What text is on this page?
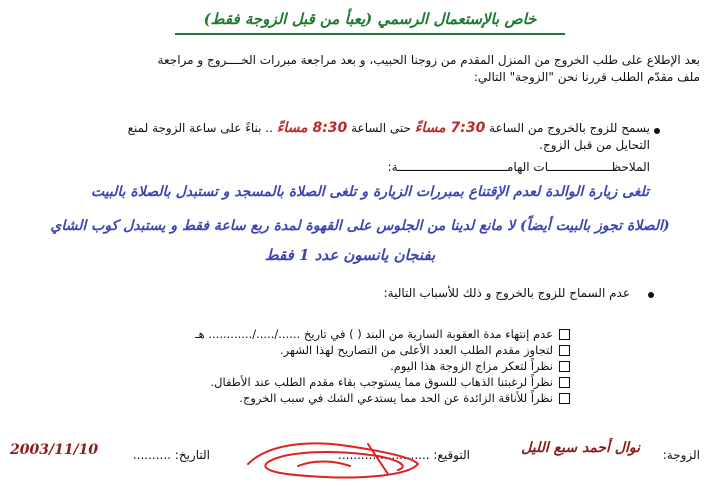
خاص بالإستعمال الرسمي (يعبأ من قبل الزوجة فقط)
بعد الإطلاع على طلب الخروج من المنزل المقدم من زوجنا الحبيب، و بعد مراجعة مبررات الخــــروج و مراجعة
ملف مقدّم الطلب قررنا نحن "الزوجة" التالي:
يسمح للزوج بالخروج من الساعة 7:30 مساءً حتى الساعة 8:30 مساءً .. بناءً على ساعة الزوجة لمنع
التحايل من قبل الزوج.
الملاحظــــــــــــــــــات الهامـــــــــــــــــــــــــــــــة:
تلغى زيارة الوالدة لعدم الإقتناع بمبررات الزيارة و تلغى الصلاة بالمسجد و تستبدل بالصلاة بالبيت
(الصلاة تجوز بالبيت أيضاً) لا مانع لدينا من الجلوس على القهوة لمدة ربع ساعة فقط و يستبدل كوب الشاي
بفنجان يانسون عدد 1 فقط
عدم السماح للزوج بالخروج و ذلك للأسباب التالية:
عدم إنتهاء مدة العقوبة السارية من البند ( ) في تاريخ ....../...../............ هـ
لتجاوز مقدم الطلب العدد الأعلى من التصاريح لهذا الشهر.
نظراً لتعكر مزاج الزوجة هذا اليوم.
نظراً لرغبتنا الذهاب للسوق مما يستوجب بقاء مقدم الطلب عند الأطفال.
نظراً للأناقة الزائدة عن الحد مما يستدعي الشك في سبب الخروج.
الزوجة:
نوال أحمد سبع الليل
التوقيع: ........................
التاريخ: ..........
2003/11/10
